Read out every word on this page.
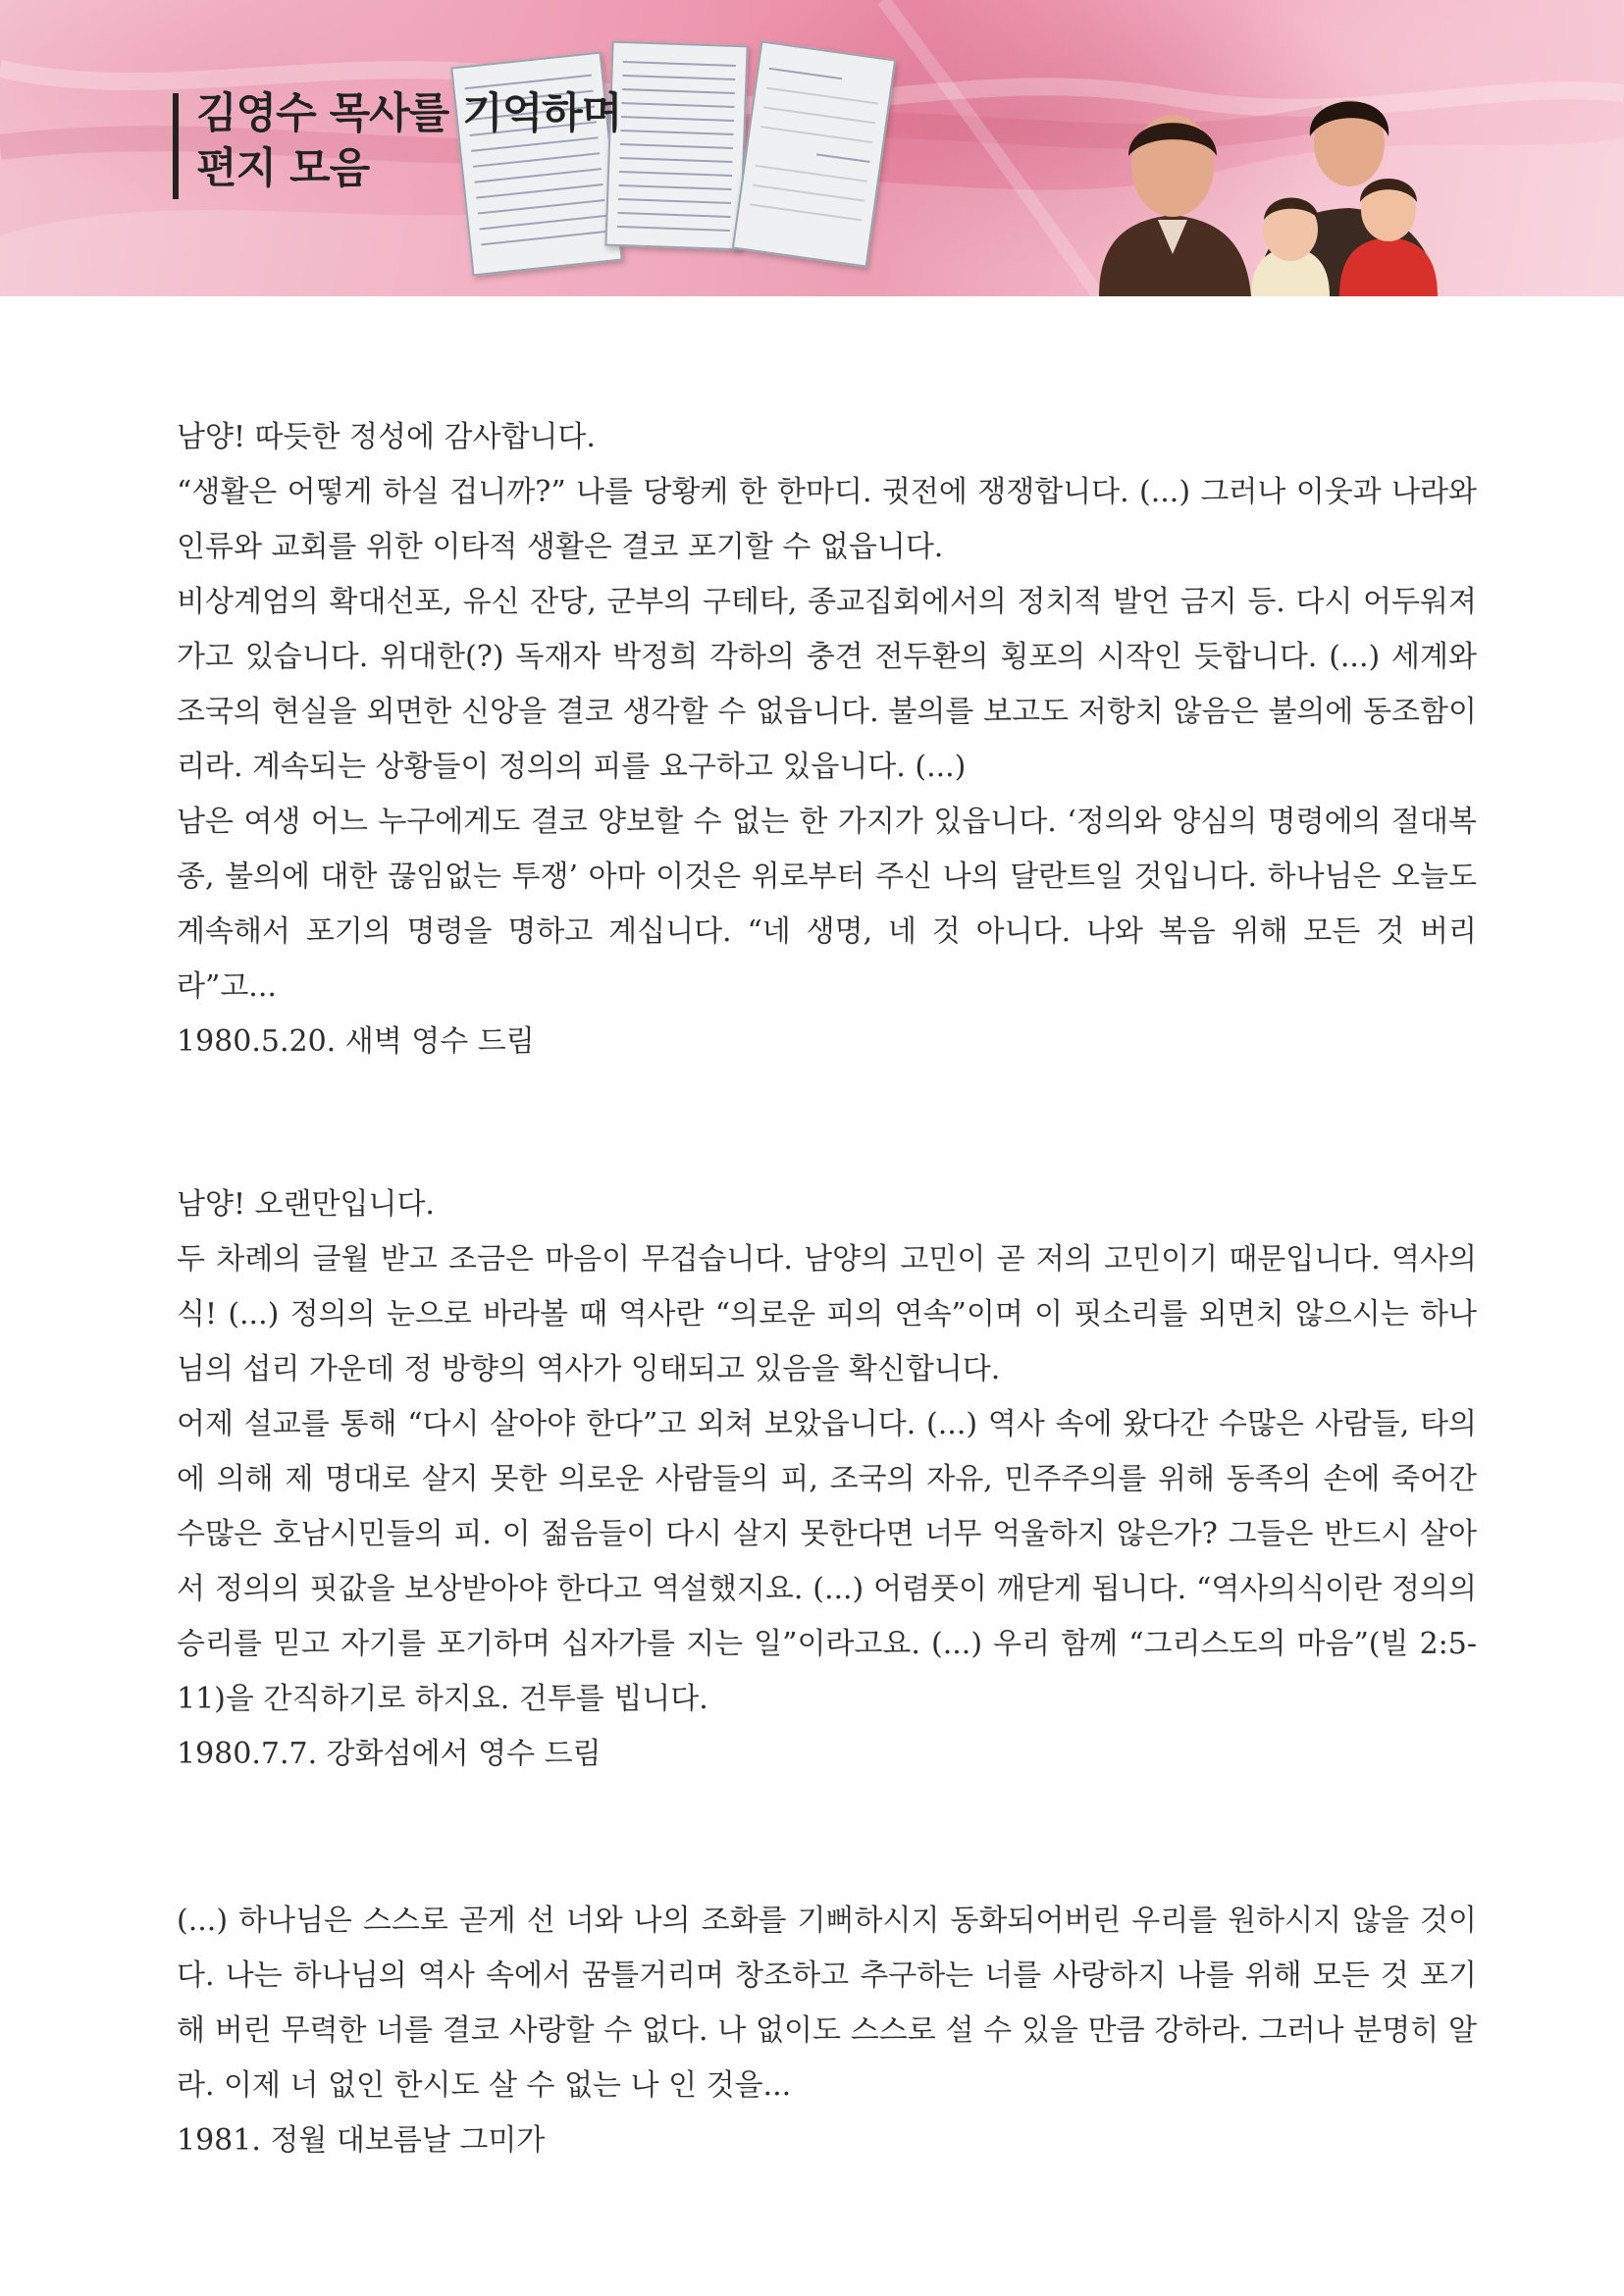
김영수 목사를 기억하며
편지 모음

남양! 따듯한 정성에 감사합니다.

“생활은 어떻게 하실 겁니까?” 나를 당황케 한 한마디. 귓전에 쟁쟁합니다. (...) 그러나 이웃과 나라와 인류와 교회를 위한 이타적 생활은 결코 포기할 수 없읍니다.

비상계엄의 확대선포, 유신 잔당, 군부의 구테타, 종교집회에서의 정치적 발언 금지 등. 다시 어두워져 가고 있습니다. 위대한(?) 독재자 박정희 각하의 충견 전두환의 횡포의 시작인 듯합니다. (...) 세계와 조국의 현실을 외면한 신앙을 결코 생각할 수 없읍니다. 불의를 보고도 저항치 않음은 불의에 동조함이리라. 계속되는 상황들이 정의의 피를 요구하고 있읍니다. (...)

남은 여생 어느 누구에게도 결코 양보할 수 없는 한 가지가 있읍니다. ‘정의와 양심의 명령에의 절대복종, 불의에 대한 끊임없는 투쟁’ 아마 이것은 위로부터 주신 나의 달란트일 것입니다. 하나님은 오늘도 계속해서 포기의 명령을 명하고 계십니다. “네 생명, 네 것 아니다. 나와 복음 위해 모든 것 버리라”고...

1980.5.20. 새벽 영수 드림

남양! 오랜만입니다.

두 차례의 글월 받고 조금은 마음이 무겁습니다. 남양의 고민이 곧 저의 고민이기 때문입니다. 역사의식! (...) 정의의 눈으로 바라볼 때 역사란 “의로운 피의 연속”이며 이 핏소리를 외면치 않으시는 하나님의 섭리 가운데 정 방향의 역사가 잉태되고 있음을 확신합니다.

어제 설교를 통해 “다시 살아야 한다”고 외쳐 보았읍니다. (...) 역사 속에 왔다간 수많은 사람들, 타의에 의해 제 명대로 살지 못한 의로운 사람들의 피, 조국의 자유, 민주주의를 위해 동족의 손에 죽어간 수많은 호남시민들의 피. 이 젊음들이 다시 살지 못한다면 너무 억울하지 않은가? 그들은 반드시 살아서 정의의 핏값을 보상받아야 한다고 역설했지요. (...) 어렴풋이 깨닫게 됩니다. “역사의식이란 정의의 승리를 믿고 자기를 포기하며 십자가를 지는 일”이라고요. (...) 우리 함께 “그리스도의 마음”(빌 2:5-11)을 간직하기로 하지요. 건투를 빕니다.

1980.7.7. 강화섬에서 영수 드림

(...) 하나님은 스스로 곧게 선 너와 나의 조화를 기뻐하시지 동화되어버린 우리를 원하시지 않을 것이다. 나는 하나님의 역사 속에서 꿈틀거리며 창조하고 추구하는 너를 사랑하지 나를 위해 모든 것 포기해 버린 무력한 너를 결코 사랑할 수 없다. 나 없이도 스스로 설 수 있을 만큼 강하라. 그러나 분명히 알라. 이제 너 없인 한시도 살 수 없는 나 인 것을...

1981. 정월 대보름날 그미가
